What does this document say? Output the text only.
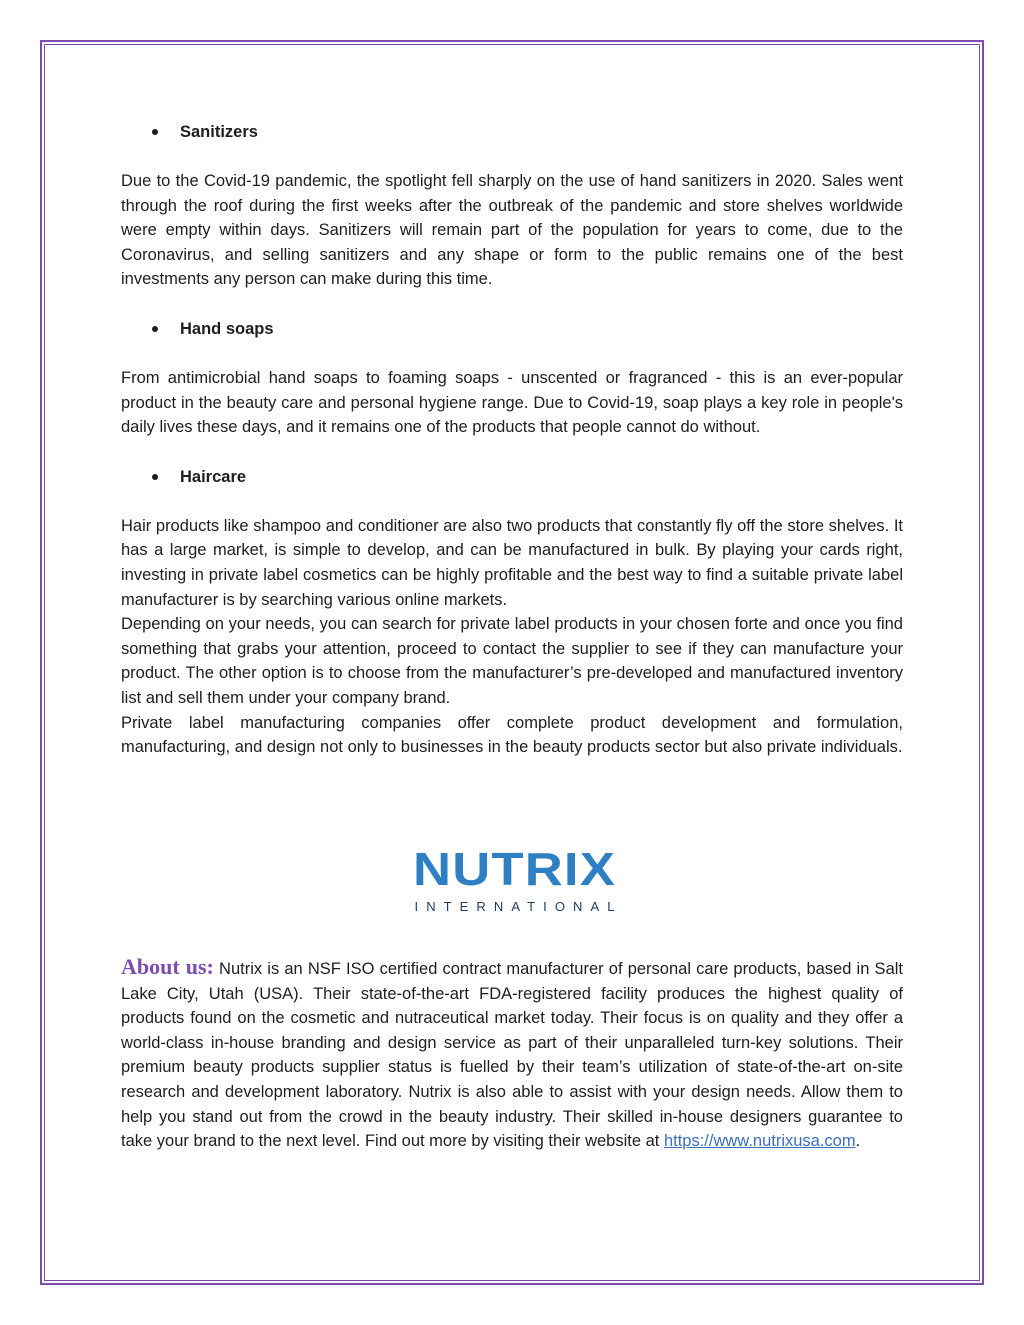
Sanitizers

Due to the Covid-19 pandemic, the spotlight fell sharply on the use of hand sanitizers in 2020. Sales went through the roof during the first weeks after the outbreak of the pandemic and store shelves worldwide were empty within days. Sanitizers will remain part of the population for years to come, due to the Coronavirus, and selling sanitizers and any shape or form to the public remains one of the best investments any person can make during this time.

Hand soaps

From antimicrobial hand soaps to foaming soaps - unscented or fragranced - this is an ever-popular product in the beauty care and personal hygiene range. Due to Covid-19, soap plays a key role in people's daily lives these days, and it remains one of the products that people cannot do without.

Haircare

Hair products like shampoo and conditioner are also two products that constantly fly off the store shelves. It has a large market, is simple to develop, and can be manufactured in bulk. By playing your cards right, investing in private label cosmetics can be highly profitable and the best way to find a suitable private label manufacturer is by searching various online markets.

Depending on your needs, you can search for private label products in your chosen forte and once you find something that grabs your attention, proceed to contact the supplier to see if they can manufacture your product. The other option is to choose from the manufacturer’s pre-developed and manufactured inventory list and sell them under your company brand.

Private label manufacturing companies offer complete product development and formulation, manufacturing, and design not only to businesses in the beauty products sector but also private individuals.

NUTRIX
INTERNATIONAL
About us: Nutrix is an NSF ISO certified contract manufacturer of personal care products, based in Salt Lake City, Utah (USA). Their state-of-the-art FDA-registered facility produces the highest quality of products found on the cosmetic and nutraceutical market today. Their focus is on quality and they offer a world-class in-house branding and design service as part of their unparalleled turn-key solutions. Their premium beauty products supplier status is fuelled by their team’s utilization of state-of-the-art on-site research and development laboratory. Nutrix is also able to assist with your design needs. Allow them to help you stand out from the crowd in the beauty industry. Their skilled in-house designers guarantee to take your brand to the next level. Find out more by visiting their website at https://www.nutrixusa.com.
